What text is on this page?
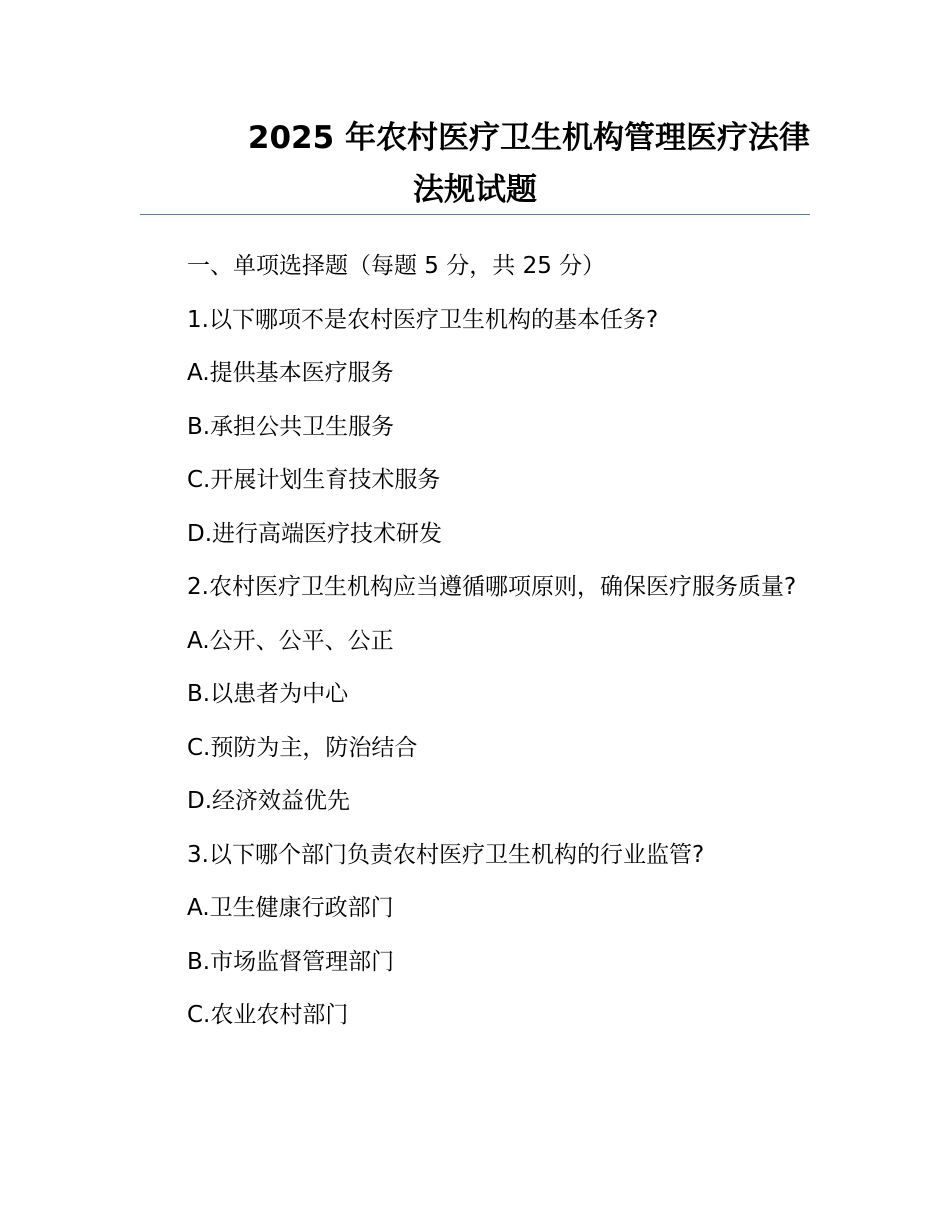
2025 年农村医疗卫生机构管理医疗法律
法规试题

一、单项选择题（每题 5 分，共 25 分）

1.以下哪项不是农村医疗卫生机构的基本任务?

A.提供基本医疗服务

B.承担公共卫生服务

C.开展计划生育技术服务

D.进行高端医疗技术研发

2.农村医疗卫生机构应当遵循哪项原则，确保医疗服务质量?

A.公开、公平、公正

B.以患者为中心

C.预防为主，防治结合

D.经济效益优先

3.以下哪个部门负责农村医疗卫生机构的行业监管?

A.卫生健康行政部门

B.市场监督管理部门

C.农业农村部门
